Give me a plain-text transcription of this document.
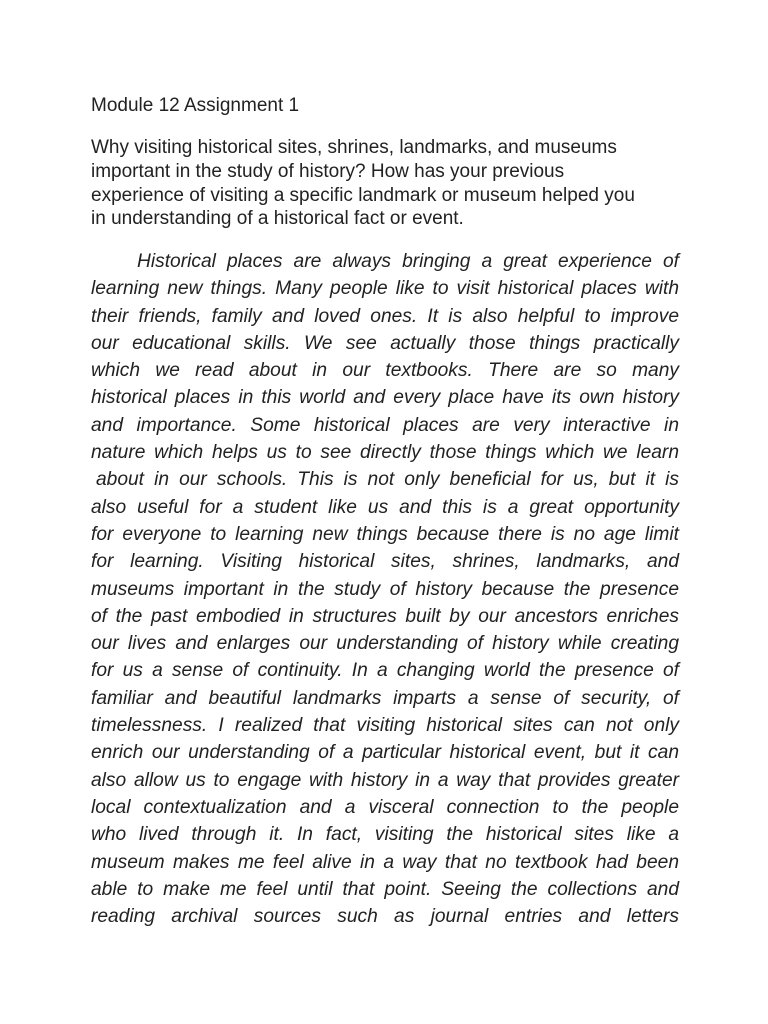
Module 12 Assignment 1
Why visiting historical sites, shrines, landmarks, and museums
important in the study of history? How has your previous
experience of visiting a specific landmark or museum helped you
in understanding of a historical fact or event.
Historical places are always bringing a great experience of
learning new things. Many people like to visit historical places with
their friends, family and loved ones. It is also helpful to improve
our educational skills. We see actually those things practically
which we read about in our textbooks. There are so many
historical places in this world and every place have its own history
and importance. Some historical places are very interactive in
nature which helps us to see directly those things which we learn
about in our schools. This is not only beneficial for us, but it is
also useful for a student like us and this is a great opportunity
for everyone to learning new things because there is no age limit
for learning. Visiting historical sites, shrines, landmarks, and
museums important in the study of history because the presence
of the past embodied in structures built by our ancestors enriches
our lives and enlarges our understanding of history while creating
for us a sense of continuity. In a changing world the presence of
familiar and beautiful landmarks imparts a sense of security, of
timelessness. I realized that visiting historical sites can not only
enrich our understanding of a particular historical event, but it can
also allow us to engage with history in a way that provides greater
local contextualization and a visceral connection to the people
who lived through it. In fact, visiting the historical sites like a
museum makes me feel alive in a way that no textbook had been
able to make me feel until that point. Seeing the collections and
reading archival sources such as journal entries and letters
